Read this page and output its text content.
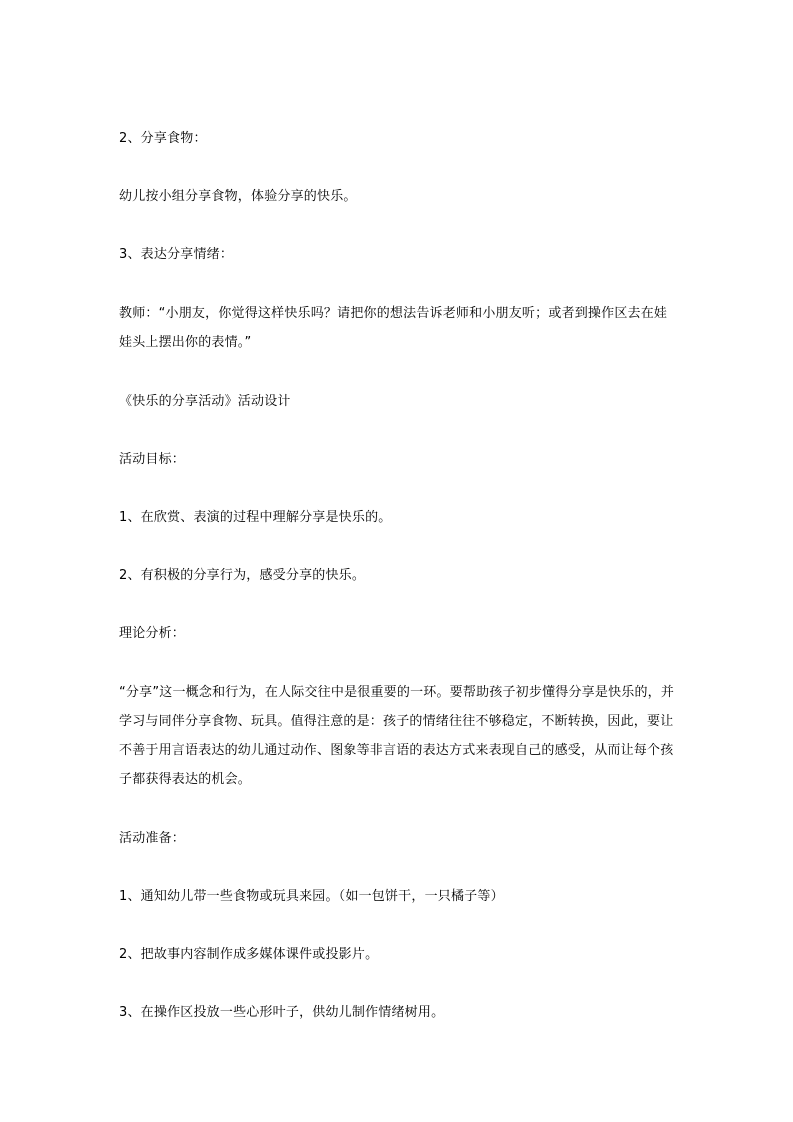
2、分享食物：
幼儿按小组分享食物，体验分享的快乐。
3、表达分享情绪：
教师：“小朋友，你觉得这样快乐吗？请把你的想法告诉老师和小朋友听；或者到操作区去在娃
娃头上摆出你的表情。”
《快乐的分享活动》活动设计
活动目标：
1、在欣赏、表演的过程中理解分享是快乐的。
2、有积极的分享行为，感受分享的快乐。
理论分析：
“分享”这一概念和行为，在人际交往中是很重要的一环。要帮助孩子初步懂得分享是快乐的，并
学习与同伴分享食物、玩具。值得注意的是：孩子的情绪往往不够稳定，不断转换，因此，要让
不善于用言语表达的幼儿通过动作、图象等非言语的表达方式来表现自己的感受，从而让每个孩
子都获得表达的机会。
活动准备：
1、通知幼儿带一些食物或玩具来园。（如一包饼干，一只橘子等）
2、把故事内容制作成多媒体课件或投影片。
3、在操作区投放一些心形叶子，供幼儿制作情绪树用。
